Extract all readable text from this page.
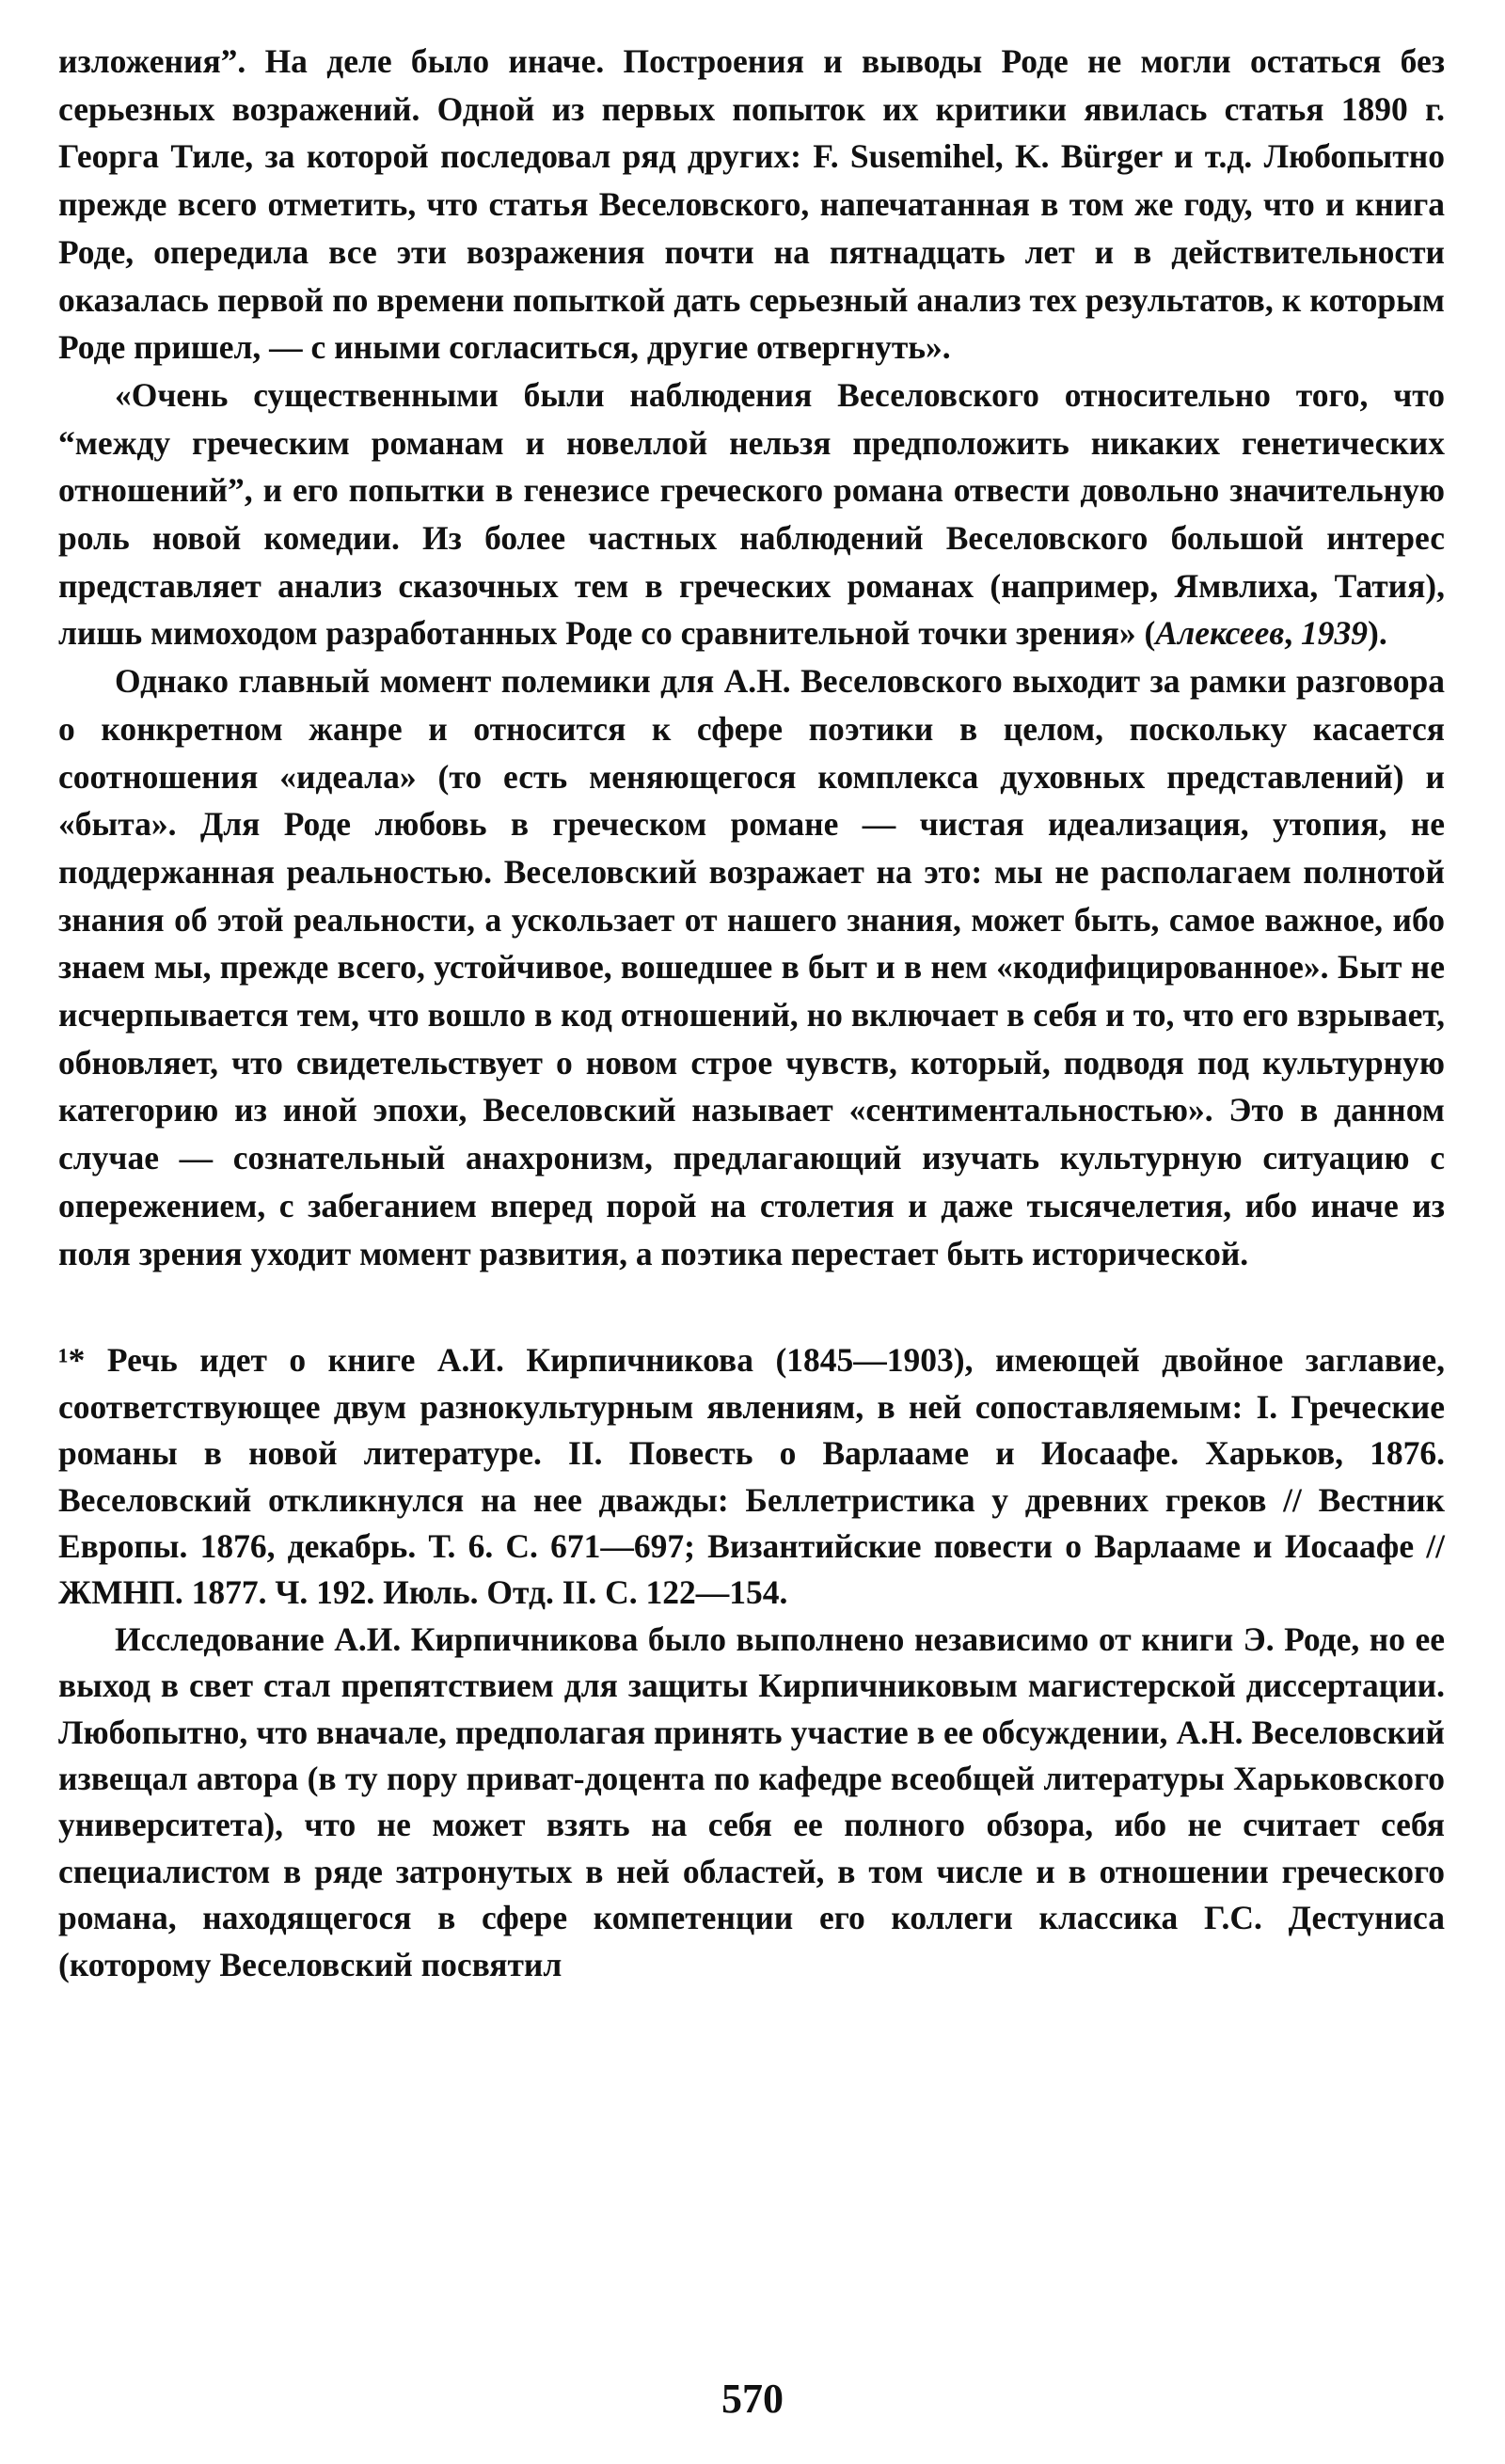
изложения”. На деле было иначе. Построения и выводы Роде не могли остаться без серьезных возражений. Одной из первых попыток их критики явилась статья 1890 г. Георга Тиле, за которой последовал ряд других: F. Susemihel, K. Bürger и т.д. Любопытно прежде всего отметить, что статья Веселовского, напечатанная в том же году, что и книга Роде, опередила все эти возражения почти на пятнадцать лет и в действительности оказалась первой по времени попыткой дать серьезный анализ тех результатов, к которым Роде пришел, — с иными согласиться, другие отвергнуть».

«Очень существенными были наблюдения Веселовского относительно того, что “между греческим романам и новеллой нельзя предположить никаких генетических отношений”, и его попытки в генезисе греческого романа отвести довольно значительную роль новой комедии. Из более частных наблюдений Веселовского большой интерес представляет анализ сказочных тем в греческих романах (например, Ямвлиха, Татия), лишь мимоходом разработанных Роде со сравнительной точки зрения» (Алексеев, 1939).

Однако главный момент полемики для А.Н. Веселовского выходит за рамки разговора о конкретном жанре и относится к сфере поэтики в целом, поскольку касается соотношения «идеала» (то есть меняющегося комплекса духовных представлений) и «быта». Для Роде любовь в греческом романе — чистая идеализация, утопия, не поддержанная реальностью. Веселовский возражает на это: мы не располагаем полнотой знания об этой реальности, а ускользает от нашего знания, может быть, самое важное, ибо знаем мы, прежде всего, устойчивое, вошедшее в быт и в нем «кодифицированное». Быт не исчерпывается тем, что вошло в код отношений, но включает в себя и то, что его взрывает, обновляет, что свидетельствует о новом строе чувств, который, подводя под культурную категорию из иной эпохи, Веселовский называет «сентиментальностью». Это в данном случае — сознательный анахронизм, предлагающий изучать культурную ситуацию с опережением, с забеганием вперед порой на столетия и даже тысячелетия, ибо иначе из поля зрения уходит момент развития, а поэтика перестает быть исторической.

¹* Речь идет о книге А.И. Кирпичникова (1845—1903), имеющей двойное заглавие, соответствующее двум разнокультурным явлениям, в ней сопоставляемым: I. Греческие романы в новой литературе. II. Повесть о Варлааме и Иосаафе. Харьков, 1876. Веселовский откликнулся на нее дважды: Беллетристика у древних греков // Вестник Европы. 1876, декабрь. Т. 6. С. 671—697; Византийские повести о Варлааме и Иосаафе // ЖМНП. 1877. Ч. 192. Июль. Отд. II. С. 122—154.

Исследование А.И. Кирпичникова было выполнено независимо от книги Э. Роде, но ее выход в свет стал препятствием для защиты Кирпичниковым магистерской диссертации. Любопытно, что вначале, предполагая принять участие в ее обсуждении, А.Н. Веселовский извещал автора (в ту пору приват-доцента по кафедре всеобщей литературы Харьковского университета), что не может взять на себя ее полного обзора, ибо не считает себя специалистом в ряде затронутых в ней областей, в том числе и в отношении греческого романа, находящегося в сфере компетенции его коллеги классика Г.С. Дестуниса (которому Веселовский посвятил

570
